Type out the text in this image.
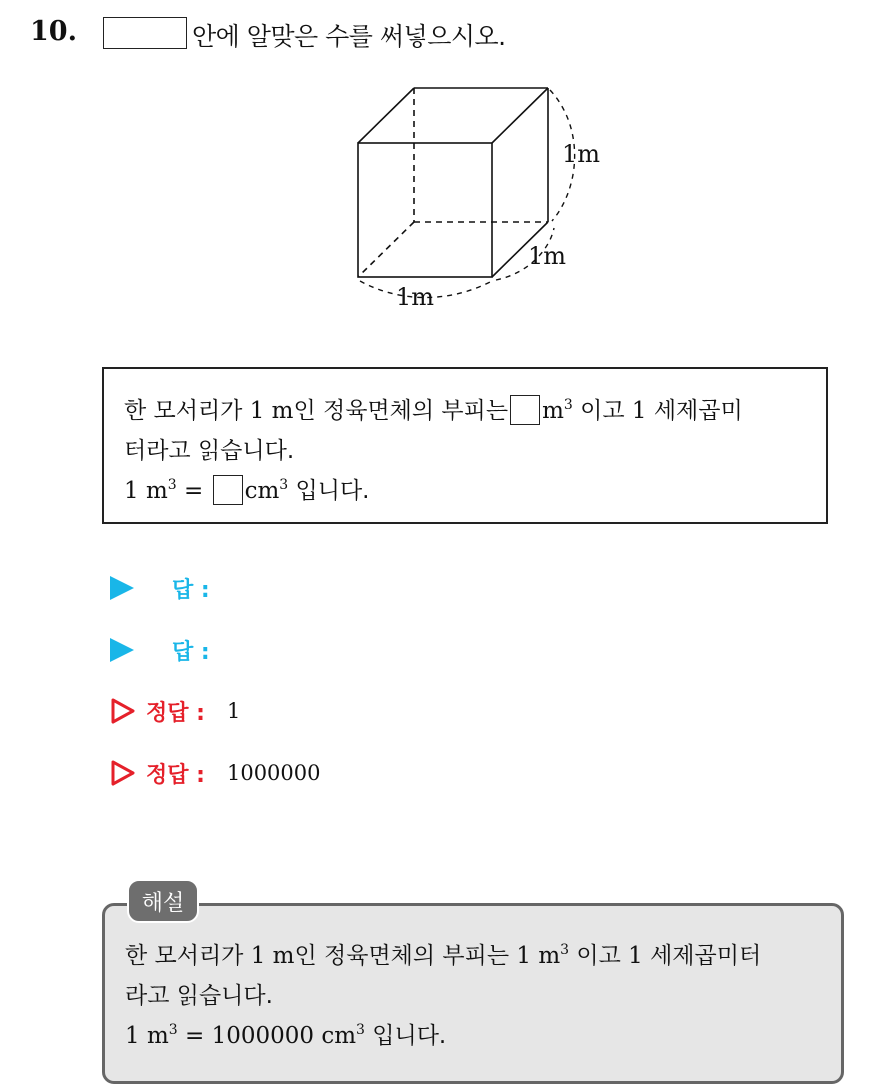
10.	안에 알맞은 수를 써넣으시오.
1m
1m
1m
한 모서리가 1 m인 정육면체의 부피는 $m^3$ 이고 1 세제곱미
터라고 읽습니다.
1 $m^3 = cm^3$ 입니다.
답 :
답 :
정답 : 1
정답 : 1000000
한 모서리가 1 m인 정육면체의 부피는 1 $m^3$ 이고 1 세제곱미터
라고 읽습니다.
1 $m^3 = 1000000$ $cm^3$ 입니다.
해설
